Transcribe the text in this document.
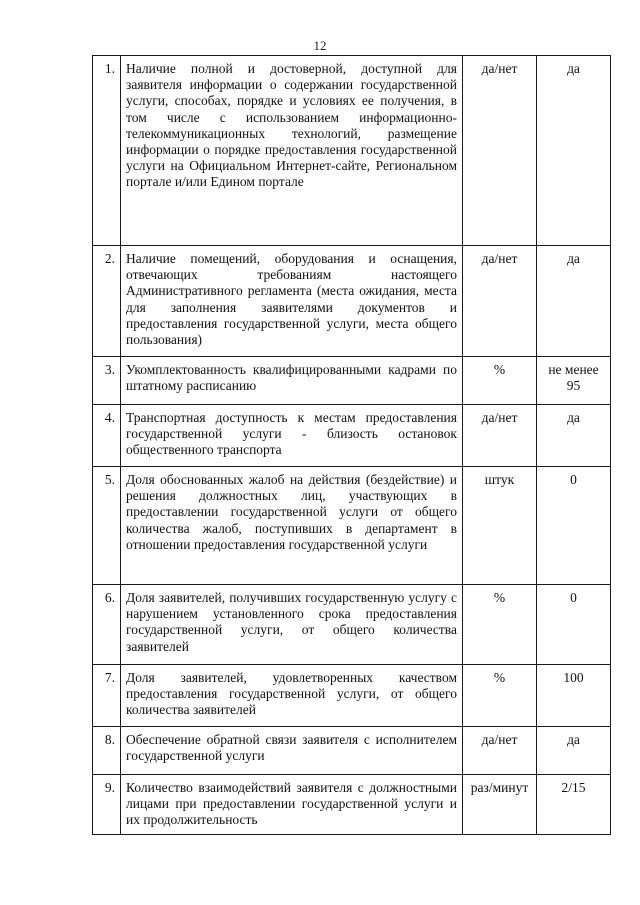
12
1.	Наличие полной и достоверной, доступной для заявителя информации о содержании государственной услуги, способах, порядке и условиях ее получения, в том числе с использованием информационно-телекоммуникационных технологий, размещение информации о порядке предоставления государственной услуги на Официальном Интернет-сайте, Региональном портале и/или Едином портале	да/нет	да
2.	Наличие помещений, оборудования и оснащения, отвечающих требованиям настоящего Административного регламента (места ожидания, места для заполнения заявителями документов и предоставления государственной услуги, места общего пользования)	да/нет	да
3.	Укомплектованность квалифицированными кадрами по штатному расписанию	%	не менее 95
4.	Транспортная доступность к местам предоставления государственной услуги - близость остановок общественного транспорта	да/нет	да
5.	Доля обоснованных жалоб на действия (бездействие) и решения должностных лиц, участвующих в предоставлении государственной услуги от общего количества жалоб, поступивших в департамент в отношении предоставления государственной услуги	штук	0
6.	Доля заявителей, получивших государственную услугу с нарушением установленного срока предоставления государственной услуги, от общего количества заявителей	%	0
7.	Доля заявителей, удовлетворенных качеством предоставления государственной услуги, от общего количества заявителей	%	100
8.	Обеспечение обратной связи заявителя с исполнителем государственной услуги	да/нет	да
9.	Количество взаимодействий заявителя с должностными лицами при предоставлении государственной услуги и их продолжительность	раз/минут	2/15
